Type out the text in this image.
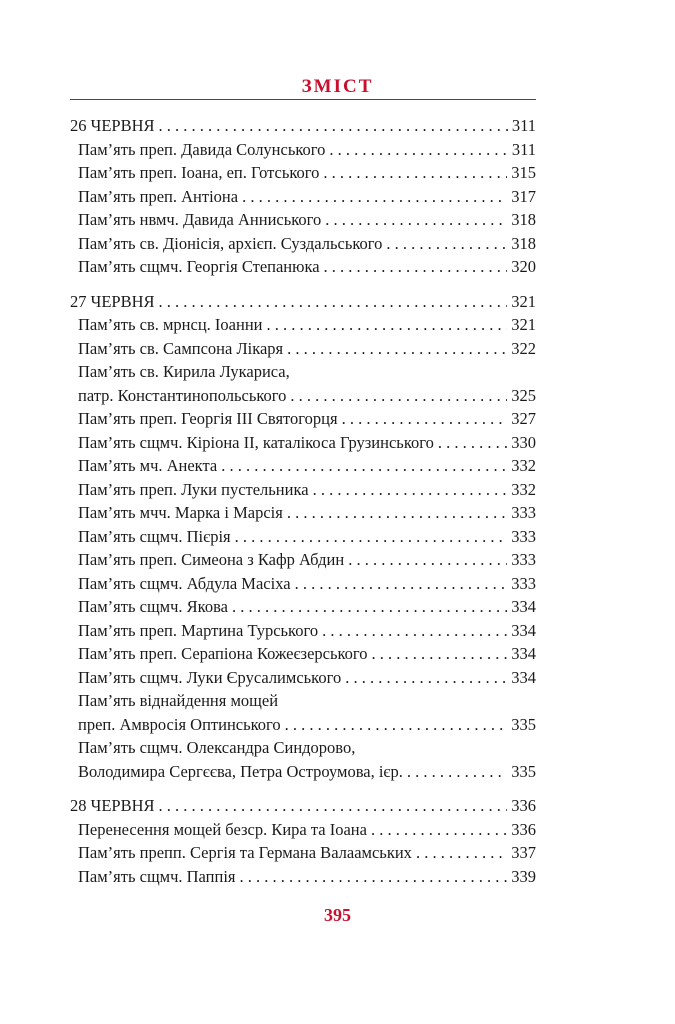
ЗМІСТ
26 ЧЕРВНЯ . . .	311
Пам’ять преп. Давида Солунського . . .	311
Пам’ять преп. Іоана, еп. Готського . . .	315
Пам’ять преп. Антіона . . .	317
Пам’ять нвмч. Давида Анниського . . .	318
Пам’ять св. Діонісія, архієп. Суздальського . . .	318
Пам’ять сщмч. Георгія Степанюка . . .	320
27 ЧЕРВНЯ . . .	321
Пам’ять св. мрнсц. Іоанни . . .	321
Пам’ять св. Сампсона Лікаря . . .	322
Пам’ять св. Кирила Лукариса,
патр. Константинопольського . . .	325
Пам’ять преп. Георгія ІІІ Святогорця . . .	327
Пам’ять сщмч. Кіріона ІІ, каталікоса Грузинського . . .	330
Пам’ять мч. Анекта . . .	332
Пам’ять преп. Луки пустельника . . .	332
Пам’ять мчч. Марка і Марсія . . .	333
Пам’ять сщмч. Пієрія . . .	333
Пам’ять преп. Симеона з Кафр Абдин . . .	333
Пам’ять сщмч. Абдула Масіха . . .	333
Пам’ять сщмч. Якова . . .	334
Пам’ять преп. Мартина Турського . . .	334
Пам’ять преп. Серапіона Кожеєзерського . . .	334
Пам’ять сщмч. Луки Єрусалимського . . .	334
Пам’ять віднайдення мощей
преп. Амвросія Оптинського . . .	335
Пам’ять сщмч. Олександра Синдорово,
Володимира Сергєєва, Петра Остроумова, ієр. . . .	335
28 ЧЕРВНЯ . . .	336
Перенесення мощей безср. Кира та Іоана . . .	336
Пам’ять препп. Сергія та Германа Валаамських . . .	337
Пам’ять сщмч. Паппія . . .	339
395
